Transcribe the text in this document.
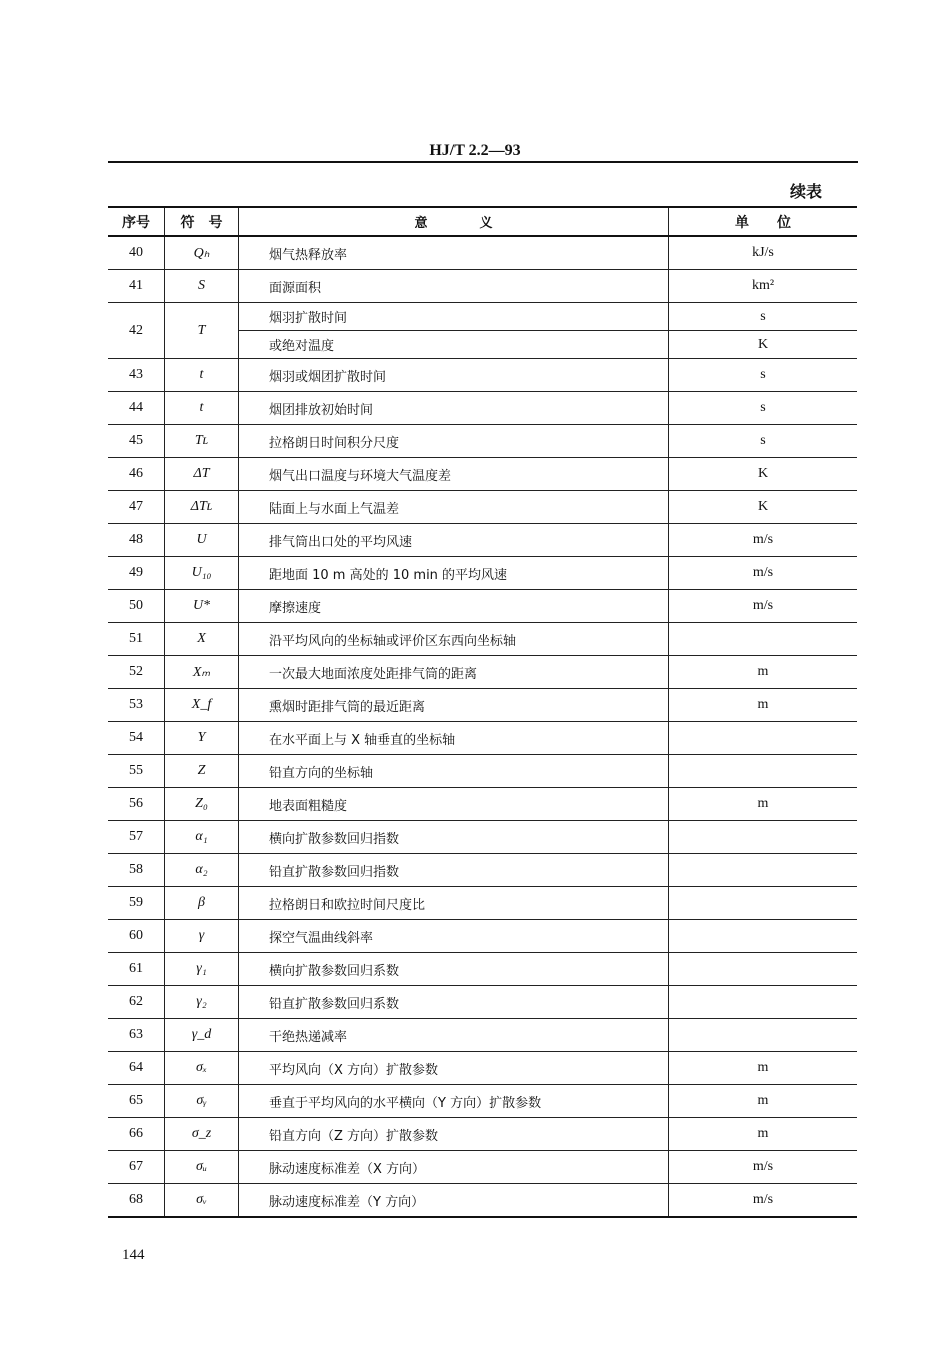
HJ/T 2.2—93
续表
序号	符　号	意　　　　义	单　　位
40	Qₕ	烟气热释放率	kJ/s
41	S	面源面积	km²
42	T	烟羽扩散时间	s
		或绝对温度	K
43	t	烟羽或烟团扩散时间	s
44	t	烟团排放初始时间	s
45	Tʟ	拉格朗日时间积分尺度	s
46	ΔT	烟气出口温度与环境大气温度差	K
47	ΔTʟ	陆面上与水面上气温差	K
48	U	排气筒出口处的平均风速	m/s
49	U₁₀	距地面 10 m 高处的 10 min 的平均风速	m/s
50	U*	摩擦速度	m/s
51	X	沿平均风向的坐标轴或评价区东西向坐标轴	
52	Xₘ	一次最大地面浓度处距排气筒的距离	m
53	X_f	熏烟时距排气筒的最近距离	m
54	Y	在水平面上与 X 轴垂直的坐标轴	
55	Z	铅直方向的坐标轴	
56	Z₀	地表面粗糙度	m
57	α₁	横向扩散参数回归指数	
58	α₂	铅直扩散参数回归指数	
59	β	拉格朗日和欧拉时间尺度比	
60	γ	探空气温曲线斜率	
61	γ₁	横向扩散参数回归系数	
62	γ₂	铅直扩散参数回归系数	
63	γ_d	干绝热递减率	
64	σₓ	平均风向（X 方向）扩散参数	m
65	σᵧ	垂直于平均风向的水平横向（Y 方向）扩散参数	m
66	σ_z	铅直方向（Z 方向）扩散参数	m
67	σᵤ	脉动速度标准差（X 方向）	m/s
68	σᵥ	脉动速度标准差（Y 方向）	m/s
144
